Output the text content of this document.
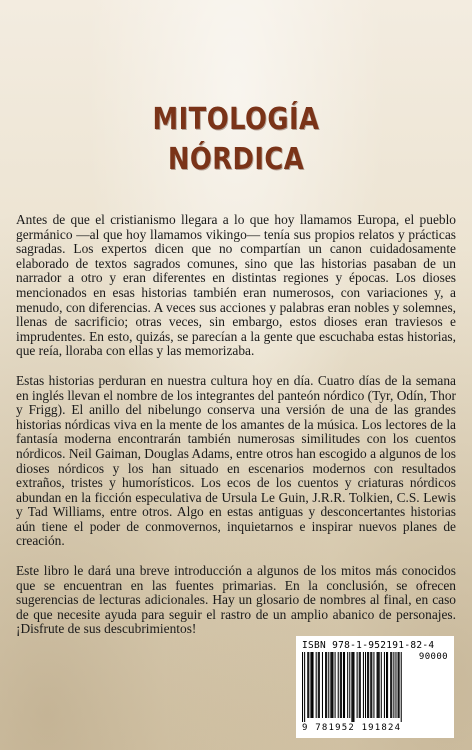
MITOLOGÍA
NÓRDICA

Antes de que el cristianismo llegara a lo que hoy llamamos Europa, el pueblo germánico —al que hoy llamamos vikingo— tenía sus propios relatos y prácticas sagradas. Los expertos dicen que no compartían un canon cuidadosamente elaborado de textos sagrados comunes, sino que las historias pasaban de un narrador a otro y eran diferentes en distintas regiones y épocas. Los dioses mencionados en esas historias también eran numerosos, con variaciones y, a menudo, con diferencias. A veces sus acciones y palabras eran nobles y solemnes, llenas de sacrificio; otras veces, sin embargo, estos dioses eran traviesos e imprudentes. En esto, quizás, se parecían a la gente que escuchaba estas historias, que reía, lloraba con ellas y las memorizaba.

Estas historias perduran en nuestra cultura hoy en día. Cuatro días de la semana en inglés llevan el nombre de los integrantes del panteón nórdico (Tyr, Odín, Thor y Frigg). El anillo del nibelungo conserva una versión de una de las grandes historias nórdicas viva en la mente de los amantes de la música. Los lectores de la fantasía moderna encontrarán también numerosas similitudes con los cuentos nórdicos. Neil Gaiman, Douglas Adams, entre otros han escogido a algunos de los dioses nórdicos y los han situado en escenarios modernos con resultados extraños, tristes y humorísticos. Los ecos de los cuentos y criaturas nórdicos abundan en la ficción especulativa de Ursula Le Guin, J.R.R. Tolkien, C.S. Lewis y Tad Williams, entre otros. Algo en estas antiguas y desconcertantes historias aún tiene el poder de conmovernos, inquietarnos e inspirar nuevos planes de creación.

Este libro le dará una breve introducción a algunos de los mitos más conocidos que se encuentran en las fuentes primarias. En la conclusión, se ofrecen sugerencias de lecturas adicionales. Hay un glosario de nombres al final, en caso de que necesite ayuda para seguir el rastro de un amplio abanico de personajes. ¡Disfrute de sus descubrimientos!

ISBN 978-1-952191-82-4
90000
9 781952 191824
